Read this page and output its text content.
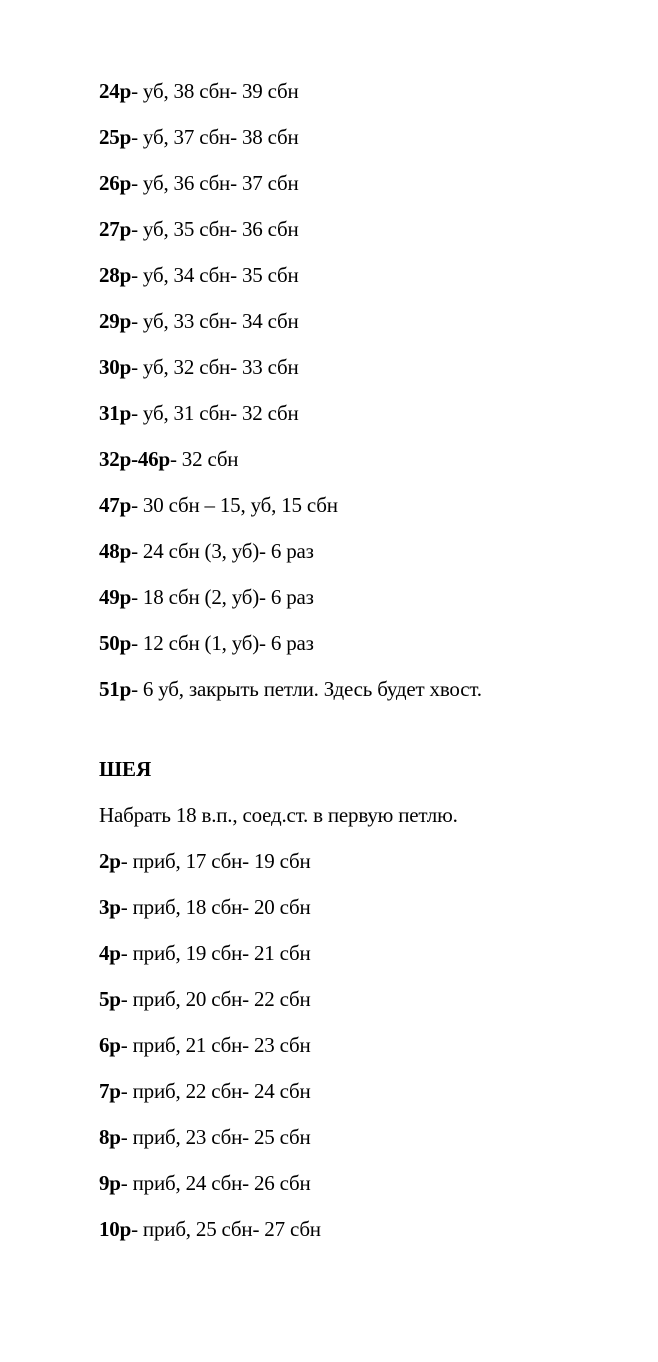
24р- уб, 38 сбн- 39 сбн
25р- уб, 37 сбн- 38 сбн
26р- уб, 36 сбн- 37 сбн
27р- уб, 35 сбн- 36 сбн
28р- уб, 34 сбн- 35 сбн
29р- уб, 33 сбн- 34 сбн
30р- уб, 32 сбн- 33 сбн
31р- уб, 31 сбн- 32 сбн
32р-46р- 32 сбн
47р- 30 сбн – 15, уб, 15 сбн
48р- 24 сбн (3, уб)- 6 раз
49р- 18 сбн (2, уб)- 6 раз
50р- 12 сбн (1, уб)- 6 раз
51р- 6 уб, закрыть петли. Здесь будет хвост.
ШЕЯ
Набрать 18 в.п., соед.ст. в первую петлю.
2р- приб, 17 сбн- 19 сбн
3р- приб, 18 сбн- 20 сбн
4р- приб, 19 сбн- 21 сбн
5р- приб, 20 сбн- 22 сбн
6р- приб, 21 сбн- 23 сбн
7р- приб, 22 сбн- 24 сбн
8р- приб, 23 сбн- 25 сбн
9р- приб, 24 сбн- 26 сбн
10р- приб, 25 сбн- 27 сбн
